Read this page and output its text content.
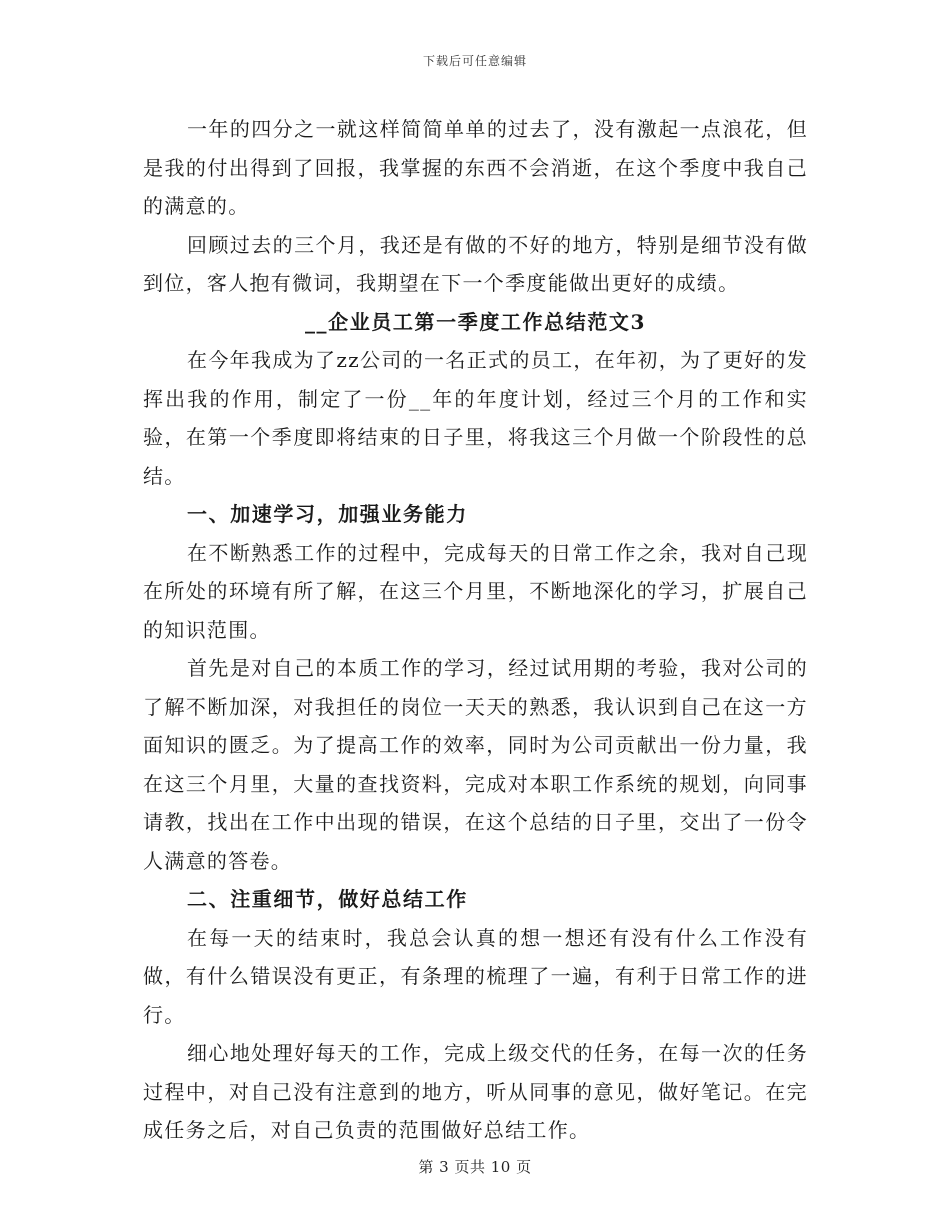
下载后可任意编辑

一年的四分之一就这样简简单单的过去了，没有激起一点浪花，但是我的付出得到了回报，我掌握的东西不会消逝，在这个季度中我自己的满意的。

回顾过去的三个月，我还是有做的不好的地方，特别是细节没有做到位，客人抱有微词，我期望在下一个季度能做出更好的成绩。

__企业员工第一季度工作总结范文3

在今年我成为了zz公司的一名正式的员工，在年初，为了更好的发挥出我的作用，制定了一份__年的年度计划，经过三个月的工作和实验，在第一个季度即将结束的日子里，将我这三个月做一个阶段性的总结。

一、加速学习，加强业务能力

在不断熟悉工作的过程中，完成每天的日常工作之余，我对自己现在所处的环境有所了解，在这三个月里，不断地深化的学习，扩展自己的知识范围。

首先是对自己的本质工作的学习，经过试用期的考验，我对公司的了解不断加深，对我担任的岗位一天天的熟悉，我认识到自己在这一方面知识的匮乏。为了提高工作的效率，同时为公司贡献出一份力量，我在这三个月里，大量的查找资料，完成对本职工作系统的规划，向同事请教，找出在工作中出现的错误，在这个总结的日子里，交出了一份令人满意的答卷。

二、注重细节，做好总结工作

在每一天的结束时，我总会认真的想一想还有没有什么工作没有做，有什么错误没有更正，有条理的梳理了一遍，有利于日常工作的进行。

细心地处理好每天的工作，完成上级交代的任务，在每一次的任务过程中，对自己没有注意到的地方，听从同事的意见，做好笔记。在完成任务之后，对自己负责的范围做好总结工作。

第 3 页共 10 页
